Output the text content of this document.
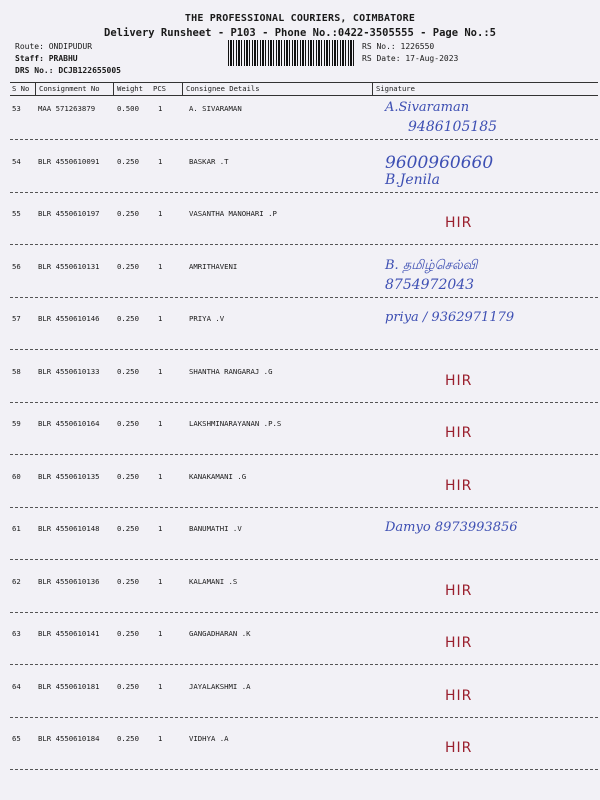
THE PROFESSIONAL COURIERS, COIMBATORE
Delivery Runsheet - P103 - Phone No.:0422-3505555 - Page No.:5
Route: ONDIPUDUR
Staff: PRABHU
DRS No.: DCJB122655005
RS No.: 1226550
RS Date: 17-Aug-2023
S No Consignment No Weight PCS	Consignee Details	Signature
53 MAA 571263879	0.500	1	A. SIVARAMAN	A.Sivaraman
9486105185
54 BLR 4550610091 0.250	1	BASKAR .T	9600960660
B.Jenila
55 BLR 4550610197 0.250	1	VASANTHA MANOHARI .P
HIR
56 BLR 4550610131 0.250	1	AMRITHAVENI	B. தமிழ்செல்வி
8754972043
57 BLR 4550610146 0.250	1	PRIYA .V	priya / 9362971179
58 BLR 4550610133 0.250	1	SHANTHA RANGARAJ .G
HIR
59 BLR 4550610164 0.250	1	LAKSHMINARAYANAN .P.S
HIR
60 BLR 4550610135 0.250	1	KANAKAMANI .G
HIR
61 BLR 4550610148 0.250	1	BANUMATHI .V	Damyo 8973993856
62 BLR 4550610136 0.250	1	KALAMANI .S
HIR
63 BLR 4550610141 0.250	1	GANGADHARAN .K
HIR
64 BLR 4550610181 0.250	1	JAYALAKSHMI .A
HIR
65 BLR 4550610184 0.250	1	VIDHYA .A
HIR
